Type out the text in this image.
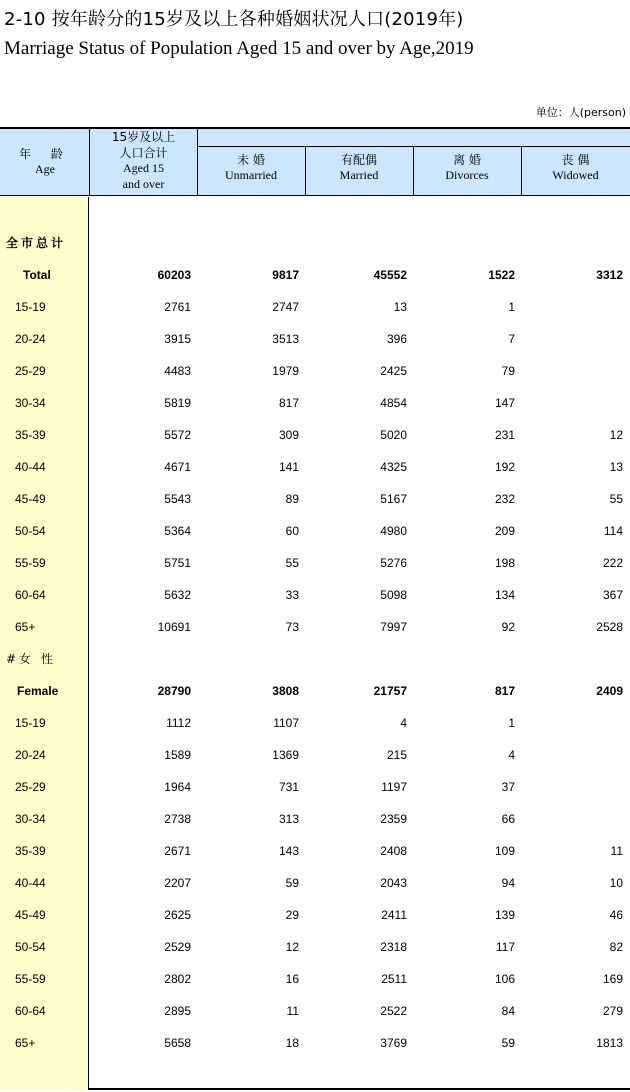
2-10 按年龄分的15岁及以上各种婚姻状况人口(2019年)
Marriage Status of Population Aged 15 and over by Age,2019
单位：人(person)
年 龄
Age
15岁及以上人口合计
Aged 15 and over
未 婚
Unmarried
有配偶
Married
离 婚
Divorces
丧 偶
Widowed
全市总计
Total	60203	9817	45552	1522	3312
15-19	2761	2747	13	1
20-24	3915	3513	396	7
25-29	4483	1979	2425	79
30-34	5819	817	4854	147
35-39	5572	309	5020	231	12
40-44	4671	141	4325	192	13
45-49	5543	89	5167	232	55
50-54	5364	60	4980	209	114
55-59	5751	55	5276	198	222
60-64	5632	33	5098	134	367
65+	10691	73	7997	92	2528
#女 性
Female	28790	3808	21757	817	2409
15-19	1112	1107	4	1
20-24	1589	1369	215	4
25-29	1964	731	1197	37
30-34	2738	313	2359	66
35-39	2671	143	2408	109	11
40-44	2207	59	2043	94	10
45-49	2625	29	2411	139	46
50-54	2529	12	2318	117	82
55-59	2802	16	2511	106	169
60-64	2895	11	2522	84	279
65+	5658	18	3769	59	1813
